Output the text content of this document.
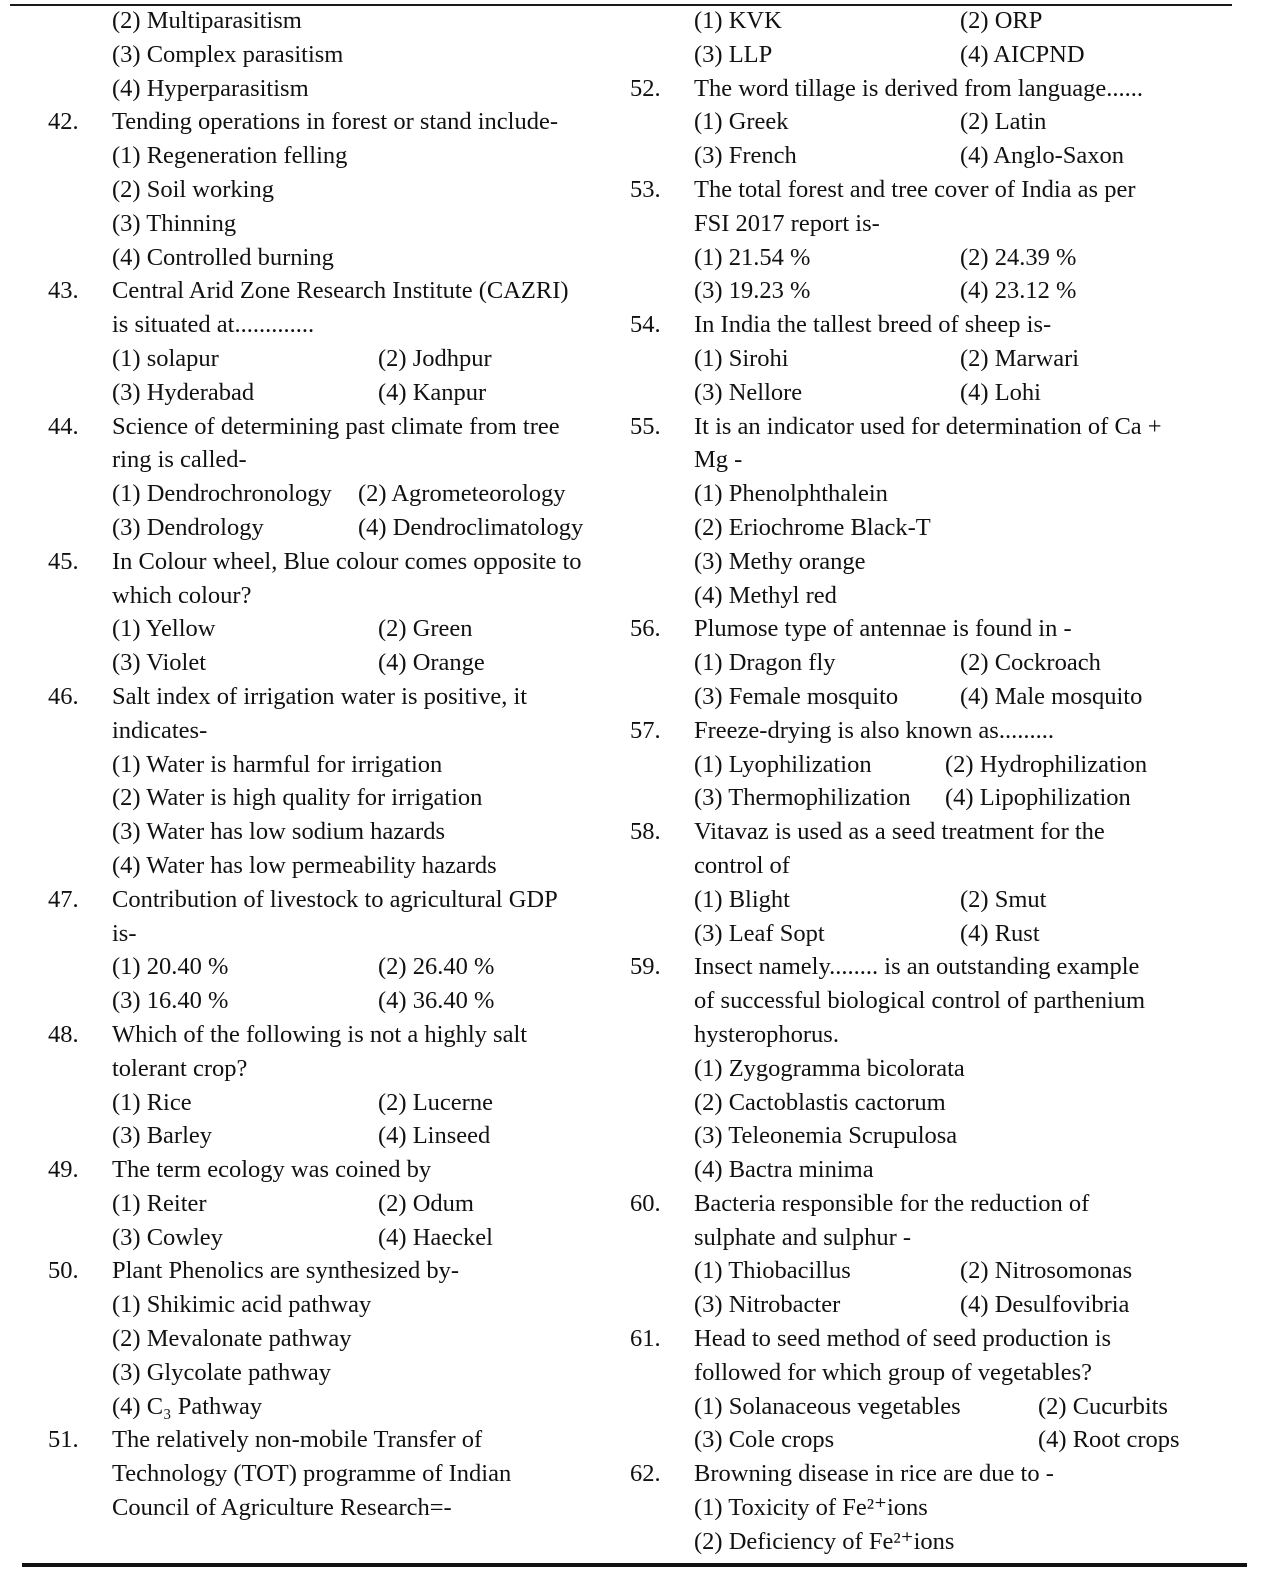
(2) Multiparasitism
(3) Complex parasitism
(4) Hyperparasitism
42.	Tending operations in forest or stand include-
(1) Regeneration felling
(2) Soil working
(3) Thinning
(4) Controlled burning
43.	Central Arid Zone Research Institute (CAZRI)
is situated at.............
(1) solapur	(2) Jodhpur
(3) Hyderabad	(4) Kanpur
44.	Science of determining past climate from tree
ring is called-
(1) Dendrochronology	(2) Agrometeorology
(3) Dendrology	(4) Dendroclimatology
45.	In Colour wheel, Blue colour comes opposite to
which colour?
(1) Yellow	(2) Green
(3) Violet	(4) Orange
46.	Salt index of irrigation water is positive, it
indicates-
(1) Water is harmful for irrigation
(2) Water is high quality for irrigation
(3) Water has low sodium hazards
(4) Water has low permeability hazards
47.	Contribution of livestock to agricultural GDP
is-
(1) 20.40 %	(2) 26.40 %
(3) 16.40 %	(4) 36.40 %
48.	Which of the following is not a highly salt
tolerant crop?
(1) Rice	(2) Lucerne
(3) Barley	(4) Linseed
49.	The term ecology was coined by
(1) Reiter	(2) Odum
(3) Cowley	(4) Haeckel
50.	Plant Phenolics are synthesized by-
(1) Shikimic acid pathway
(2) Mevalonate pathway
(3) Glycolate pathway
(4) C₃ Pathway
51.	The relatively non-mobile Transfer of
Technology (TOT) programme of Indian
Council of Agriculture Research=-
(1) KVK	(2) ORP
(3) LLP	(4) AICPND
52.	The word tillage is derived from language......
(1) Greek	(2) Latin
(3) French	(4) Anglo-Saxon
53.	The total forest and tree cover of India as per
FSI 2017 report is-
(1) 21.54 %	(2) 24.39 %
(3) 19.23 %	(4) 23.12 %
54.	In India the tallest breed of sheep is-
(1) Sirohi	(2) Marwari
(3) Nellore	(4) Lohi
55.	It is an indicator used for determination of Ca +
Mg -
(1) Phenolphthalein
(2) Eriochrome Black-T
(3) Methy orange
(4) Methyl red
56.	Plumose type of antennae is found in -
(1) Dragon fly	(2) Cockroach
(3) Female mosquito	(4) Male mosquito
57.	Freeze-drying is also known as.........
(1) Lyophilization	(2) Hydrophilization
(3) Thermophilization	(4) Lipophilization
58.	Vitavaz is used as a seed treatment for the
control of
(1) Blight	(2) Smut
(3) Leaf Sopt	(4) Rust
59.	Insect namely........ is an outstanding example
of successful biological control of parthenium
hysterophorus.
(1) Zygogramma bicolorata
(2) Cactoblastis cactorum
(3) Teleonemia Scrupulosa
(4) Bactra minima
60.	Bacteria responsible for the reduction of
sulphate and sulphur -
(1) Thiobacillus	(2) Nitrosomonas
(3) Nitrobacter	(4) Desulfovibria
61.	Head to seed method of seed production is
followed for which group of vegetables?
(1) Solanaceous vegetables	(2) Cucurbits
(3) Cole crops	(4) Root crops
62.	Browning disease in rice are due to -
(1) Toxicity of Fe²⁺ions
(2) Deficiency of Fe²⁺ions
